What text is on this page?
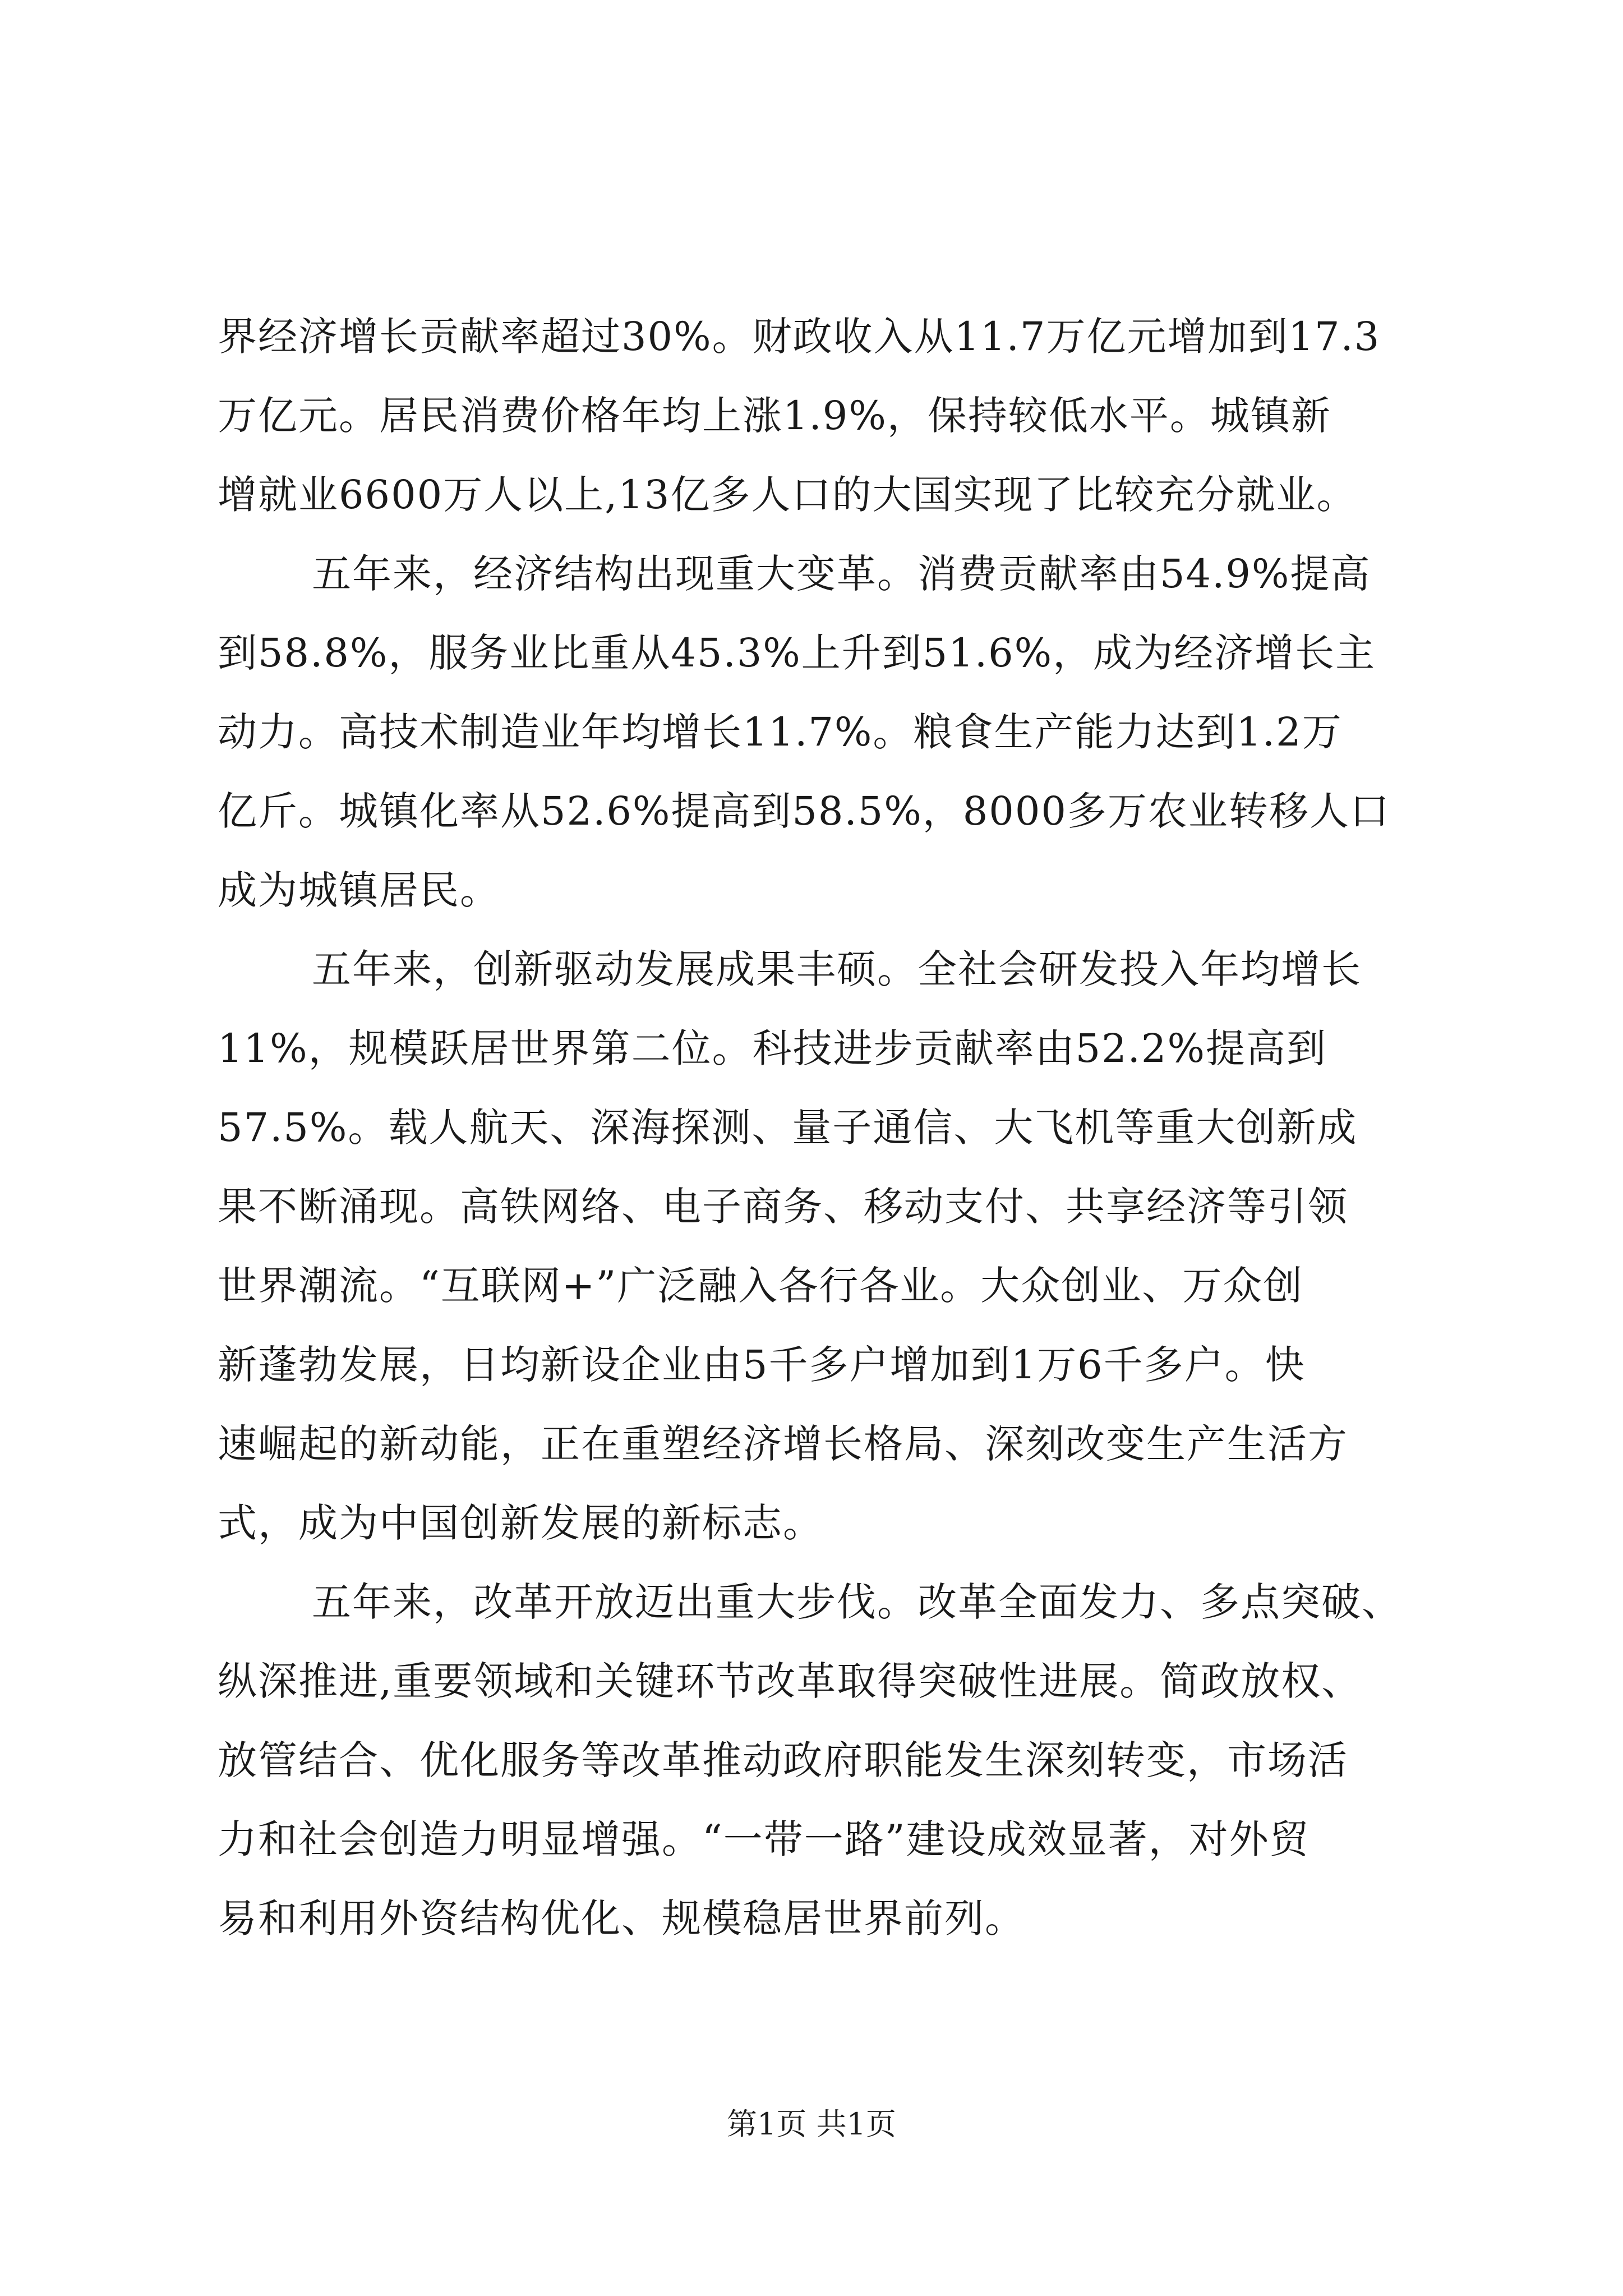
界经济增长贡献率超过30%。财政收入从11.7万亿元增加到17.3
万亿元。居民消费价格年均上涨1.9%，保持较低水平。城镇新
增就业6600万人以上,13亿多人口的大国实现了比较充分就业。
五年来，经济结构出现重大变革。消费贡献率由54.9%提高
到58.8%，服务业比重从45.3%上升到51.6%，成为经济增长主
动力。高技术制造业年均增长11.7%。粮食生产能力达到1.2万
亿斤。城镇化率从52.6%提高到58.5%，8000多万农业转移人口
成为城镇居民。
五年来，创新驱动发展成果丰硕。全社会研发投入年均增长
11%，规模跃居世界第二位。科技进步贡献率由52.2%提高到
57.5%。载人航天、深海探测、量子通信、大飞机等重大创新成
果不断涌现。高铁网络、电子商务、移动支付、共享经济等引领
世界潮流。“互联网+”广泛融入各行各业。大众创业、万众创
新蓬勃发展，日均新设企业由5千多户增加到1万6千多户。快
速崛起的新动能，正在重塑经济增长格局、深刻改变生产生活方
式，成为中国创新发展的新标志。
五年来，改革开放迈出重大步伐。改革全面发力、多点突破、
纵深推进,重要领域和关键环节改革取得突破性进展。简政放权、
放管结合、优化服务等改革推动政府职能发生深刻转变，市场活
力和社会创造力明显增强。“一带一路”建设成效显著，对外贸
易和利用外资结构优化、规模稳居世界前列。
第1页 共1页
